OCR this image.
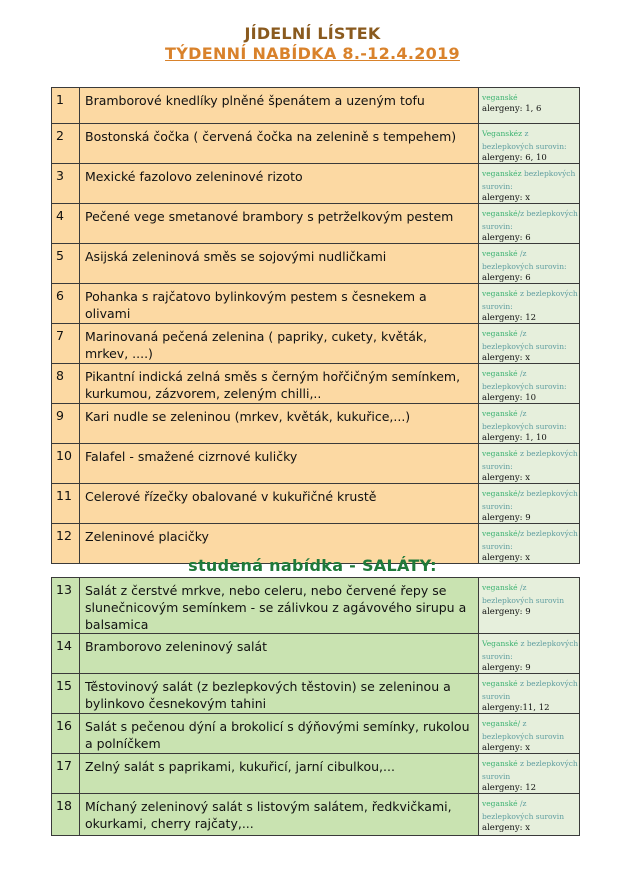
JÍDELNÍ LÍSTEK
TÝDENNÍ NABÍDKA 8.-12.4.2019
1	Bramborové knedlíky plněné špenátem a uzeným tofu	veganské
alergeny: 1, 6

2	Bostonská čočka ( červená čočka na zelenině s tempehem)	Veganskéz z bezlepkových surovin:
alergeny: 6, 10

3	Mexické fazolovo zeleninové rizoto	veganskéz bezlepkových surovin:
alergeny: x

4	Pečené vege smetanové brambory s petrželkovým pestem	veganské/z bezlepkových surovin:
alergeny: 6

5	Asijská zeleninová směs se sojovými nudličkami	veganské /z bezlepkových surovin:
alergeny: 6

6	Pohanka s rajčatovo bylinkovým pestem s česnekem a olivami	veganské z bezlepkových surovin:
alergeny: 12

7	Marinovaná pečená zelenina ( papriky, cukety, květák, mrkev, ....)	veganské /z bezlepkových surovin:
alergeny: x

8	Pikantní indická zelná směs s černým hořčičným semínkem, kurkumou, zázvorem, zeleným chilli,..	veganské /z bezlepkových surovin:
alergeny: 10

9	Kari nudle se zeleninou (mrkev, květák, kukuřice,...)	veganské /z bezlepkových surovin:
alergeny: 1, 10

10	Falafel - smažené cizrnové kuličky	veganské z bezlepkových surovin:
alergeny: x

11	Celerové řízečky obalované v kukuřičné krustě	veganské/z bezlepkových surovin:
alergeny: 9

12	Zeleninové placičky	veganské/z bezlepkových surovin:
alergeny: x
studená nabídka - SALÁTY:
13	Salát z čerstvé mrkve, nebo celeru, nebo červené řepy se slunečnicovým semínkem - se zálivkou z agávového sirupu a balsamica	veganské /z bezlepkových surovin
alergeny: 9

14	Bramborovo zeleninový salát	Veganské z bezlepkových surovin:
alergeny: 9

15	Těstovinový salát (z bezlepkových těstovin) se zeleninou a bylinkovo česnekovým tahini	veganské z bezlepkových surovin
alergeny:11, 12

16	Salát s pečenou dýní a brokolicí s dýňovými semínky, rukolou a polníčkem	veganské/ z bezlepkových surovin
alergeny: x

17	Zelný salát s paprikami, kukuřicí, jarní cibulkou,...	veganské z bezlepkových surovin
alergeny: 12

18	Míchaný zeleninový salát s listovým salátem, ředkvičkami, okurkami, cherry rajčaty,...	veganské /z bezlepkových surovin
alergeny: x
